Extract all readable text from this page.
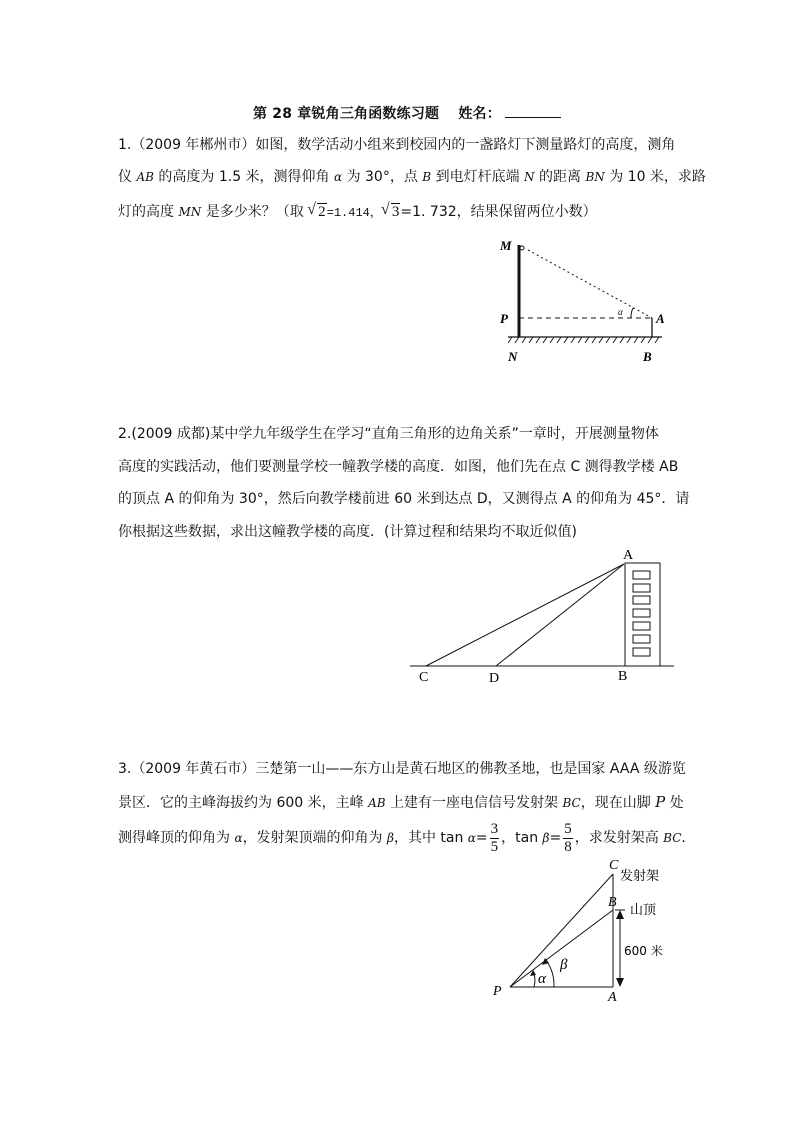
第 28 章锐角三角函数练习题 姓名：
1.（2009 年郴州市）如图，数学活动小组来到校园内的一盏路灯下测量路灯的高度，测角
仪 AB 的高度为 1.5 米，测得仰角 α 为 30°，点 B 到电灯杆底端 N 的距离 BN 为 10 米，求路
灯的高度 MN 是多少米？（取 √ 2=1.414， √ 3=1. 732，结果保留两位小数）
α
M
P	A
N	B
2.(2009 成都)某中学九年级学生在学习“直角三角形的边角关系”一章时，开展测量物体
高度的实践活动，他们要测量学校一幢教学楼的高度．如图，他们先在点 C 测得教学楼 AB
的顶点 A 的仰角为 30°，然后向教学楼前进 60 米到达点 D，又测得点 A 的仰角为 45°．请
你根据这些数据，求出这幢教学楼的高度．(计算过程和结果均不取近似值)
A
B
C	D
3.（2009 年黄石市）三楚第一山——东方山是黄石地区的佛教圣地，也是国家 AAA 级游览
景区．它的主峰海拔约为 600 米，主峰 AB 上建有一座电信信号发射架 BC，现在山脚 P 处
测得峰顶的仰角为 α，发射架顶端的仰角为 β，其中 $\tan \alpha= \frac{3}{5}$ ，$\tan \beta= \frac{5}{8}$ ，求发射架高 BC．
α
β
C
B
A
P
发射架
山顶
600 米
